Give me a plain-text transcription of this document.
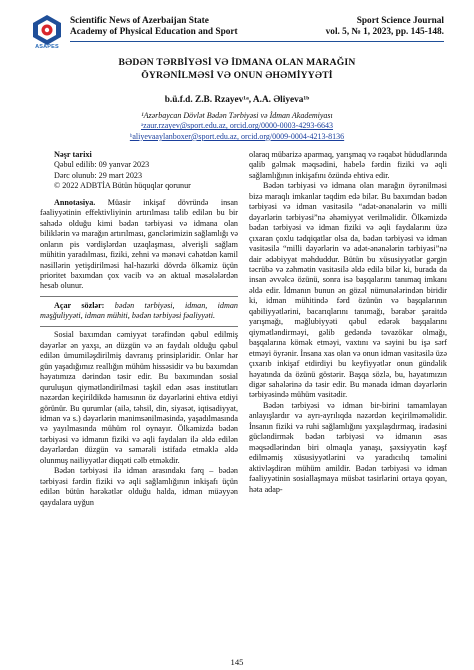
ASAPES
Scientific News of Azerbaijan State
Academy of Physical Education and Sport
Sport Science Journal
vol. 5, № 1, 2023, pp. 145-148.
BƏDƏN TƏRBİYƏSİ VƏ İDMANA OLAN MARAĞIN
ÖYRƏNİLMƏSİ VƏ ONUN ƏHƏMİYYƏTİ
b.ü.f.d. Z.B. Rzayev¹ᵃ, A.A. Əliyeva¹ᵇ
¹Azərbaycan Dövlət Bədən Tərbiyəsi və İdman Akademiyası
ᵃzaur.rzayev@sport.edu.az, orcid.org/0000-0003-4293-6643
ᵇaliyevaaylanboxer@sport.edu.az, orcid.org/0009-0004-4213-8136

Nəşr tarixi

Qəbul edilib: 09 yanvar 2023

Dərc olunub: 29 mart 2023

© 2022 ADBTİA Bütün hüquqlar qorunur

Annotasiya. Müasir inkişaf dövründə insan fəaliyyətinin effektivliyinin artırılması təlib edilən bu bir sahədə olduğu kimi bədən tərbiyəsi və idmana olan biliklərin və marağın artırılması, gənclərimizin sağlamlığı və onların pis vərdişlərdən uzaqlaşması, əlverişli sağlam mühitin yaradılması, fiziki, zehni və mənəvi cəhətdən kamil nəsillərin yetişdirilməsi hal-hazırki dövrdə ölkəmiz üçün prioritet baxımdan çox vacib və ən aktual məsələlərdən hesab olunur.

Açar sözlər: bədən tərbiyəsi, idman, idman məşğuliyyəti, idman mühiti, bədən tərbiyəsi fəaliyyəti.

Sosial baxımdan cəmiyyət tərəfindən qəbul edilmiş dəyərlər ən yaxşı, ən düzgün və ən faydalı olduğu qəbul edilən ümumiləşdirilmiş davranış prinsipləridir. Onlar hər gün yaşadığımız reallığın mühüm hissəsidir və bu baxımdan həyatımıza dərindən təsir edir. Bu baxımından sosial quruluşun qiymətləndirilməsi təşkil edən əsas institutları nəzərdən keçirildikdə hamısının öz dəyərlərini ehtiva etdiyi görünür. Bu qurumlar (ailə, təhsil, din, siyasət, iqtisadiyyat, idman və s.) dəyərlərin mənimsənilməsində, yaşadılmasında və yayılmasında mühüm rol oynayır. Ölkəmizdə bədən tərbiyəsi və idmanın fiziki və əqli faydaları ilə əldə edilən dəyərlərdən düzgün və səmərəli istifadə etməklə əldə olunmuş nailiyyətlər diqqəti cəlb etməkdir.

Bədən tərbiyəsi ilə idman arasındakı fərq – bədən tərbiyəsi fərdin fiziki və əqli sağlamlığının inkişafı üçün edilən bütün hərəkətlər olduğu halda, idman müəyyən qaydalara uyğun

olaraq mübarizə aparmaq, yarışmaq və rəqabət hüdudlarında qalib gəlmək məqsədini, habelə fərdin fiziki və əqli sağlamlığının inkişafını özündə ehtiva edir.

Bədən tərbiyəsi və idmana olan marağın öyrənilməsi bizə maraqlı imkanlar təqdim edə bilər. Bu baxımdan bədən tərbiyəsi və idman vasitəsilə “adət-ənənələrin və milli dəyərlərin tərbiyəsi”nə əhəmiyyət verilməlidir. Ölkəmizdə bədən tərbiyəsi və idman fiziki və əqli faydalarını üzə çıxaran çoxlu tədqiqatlar olsa da, bədən tərbiyəsi və idman vasitəsilə “milli dəyərlərin və adət-ənənələrin tərbiyəsi”nə dair ədəbiyyat məhduddur. Bütün bu xüsusiyyətlər gərgin təcrübə və zəhmətin vasitəsilə əldə edilə bilər ki, burada da insan əvvəlcə özünü, sonra isə başqalarını tanımaq imkanı əldə edir. İdmanın bunun ən gözəl nümunələrindən biridir ki, idman mühitində fərd özünün və başqalarının qabiliyyətlərini, bacarıqlarını tanımağı, bərabər şəraitdə yarışmağı, məğlubiyyəti qəbul edərək başqalarını qiymətləndirməyi, gəlib gedəndə təvazökar olmağı, başqalarına kömək etməyi, vaxtını və səyini bu işə sərf etməyi öyrənir. İnsana xas olan və onun idman vasitəsilə üzə çıxarıb inkişaf etdirdiyi bu keyfiyyətlər onun gündəlik həyatında da özünü göstərir. Başqa sözlə, bu, həyatımızın digər sahələrinə də təsir edir. Bu mənada idman dəyərlərin tərbiyəsində mühüm vasitədir.

Bədən tərbiyəsi və idman bir-birini tamamlayan anlayışlardır və ayrı-ayrılıqda nəzərdən keçirilməməlidir. İnsanın fiziki və ruhi sağlamlığını yaxşılaşdırmaq, iradəsini gücləndirmək bədən tərbiyəsi və idmanın əsas məqsədlərindən biri olmaqla yanaşı, şəxsiyyətin kəşf edilməmiş xüsusiyyətlərini və yaradıcılıq təməlini aktivləşdirən mühüm amildir. Bədən tərbiyəsi və idman fəaliyyətinin sosiallaşmaya müsbət təsirlərini ortaya qoyan, həta adap-

145
